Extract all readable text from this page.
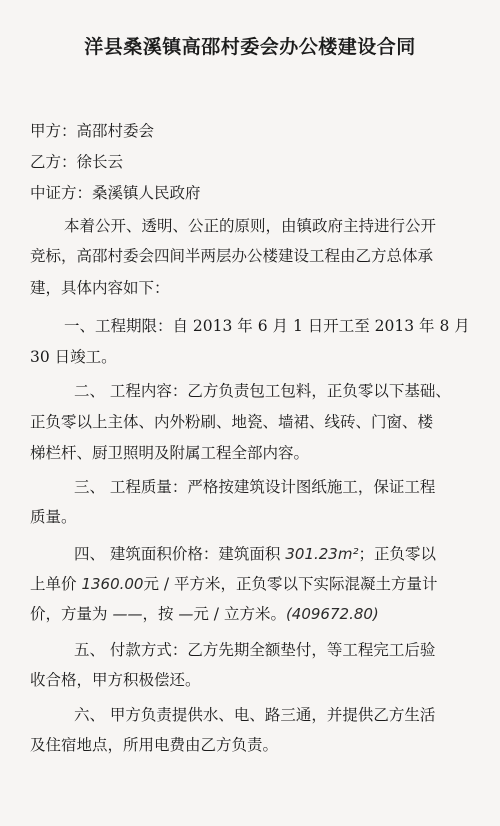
洋县桑溪镇高邵村委会办公楼建设合同
甲方：高邵村委会
乙方：徐长云
中证方：桑溪镇人民政府
本着公开、透明、公正的原则，由镇政府主持进行公开
竞标，高邵村委会四间半两层办公楼建设工程由乙方总体承
建，具体内容如下：
一、工程期限：自 2013 年 6 月 1 日开工至 2013 年 8 月
30 日竣工。
二、 工程内容：乙方负责包工包料，正负零以下基础、
正负零以上主体、内外粉刷、地瓷、墙裙、线砖、门窗、楼
梯栏杆、厨卫照明及附属工程全部内容。
三、 工程质量：严格按建筑设计图纸施工，保证工程
质量。
四、 建筑面积价格：建筑面积 301.23m²；正负零以
上单价 1360.00元 / 平方米，正负零以下实际混凝土方量计
价，方量为 ——，按 —元 / 立方米。(409672.80)
五、 付款方式：乙方先期全额垫付，等工程完工后验
收合格，甲方积极偿还。
六、 甲方负责提供水、电、路三通，并提供乙方生活
及住宿地点，所用电费由乙方负责。
